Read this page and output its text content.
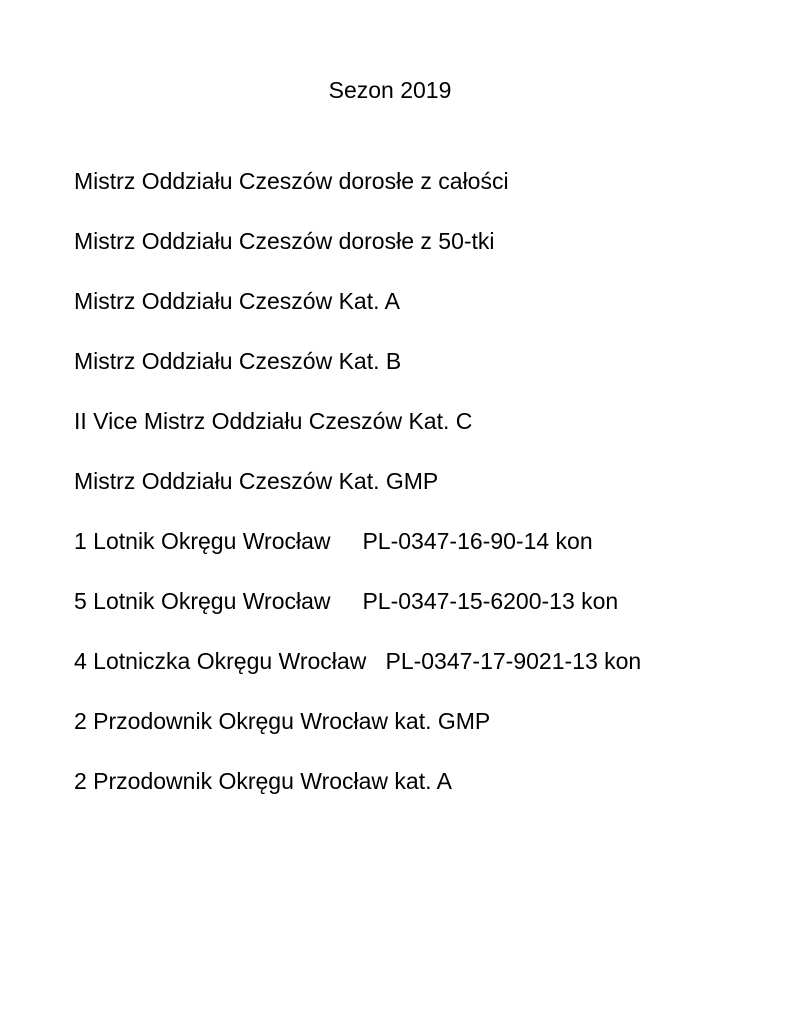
Sezon 2019
Mistrz Oddziału Czeszów dorosłe z całości
Mistrz Oddziału Czeszów dorosłe z 50-tki
Mistrz Oddziału Czeszów Kat. A
Mistrz Oddziału Czeszów Kat. B
II Vice Mistrz Oddziału Czeszów Kat. C
Mistrz Oddziału Czeszów Kat. GMP
1 Lotnik Okręgu Wrocław     PL-0347-16-90-14 kon
5 Lotnik Okręgu Wrocław     PL-0347-15-6200-13 kon
4 Lotniczka Okręgu Wrocław   PL-0347-17-9021-13 kon
2 Przodownik Okręgu Wrocław kat. GMP
2 Przodownik Okręgu Wrocław kat. A
